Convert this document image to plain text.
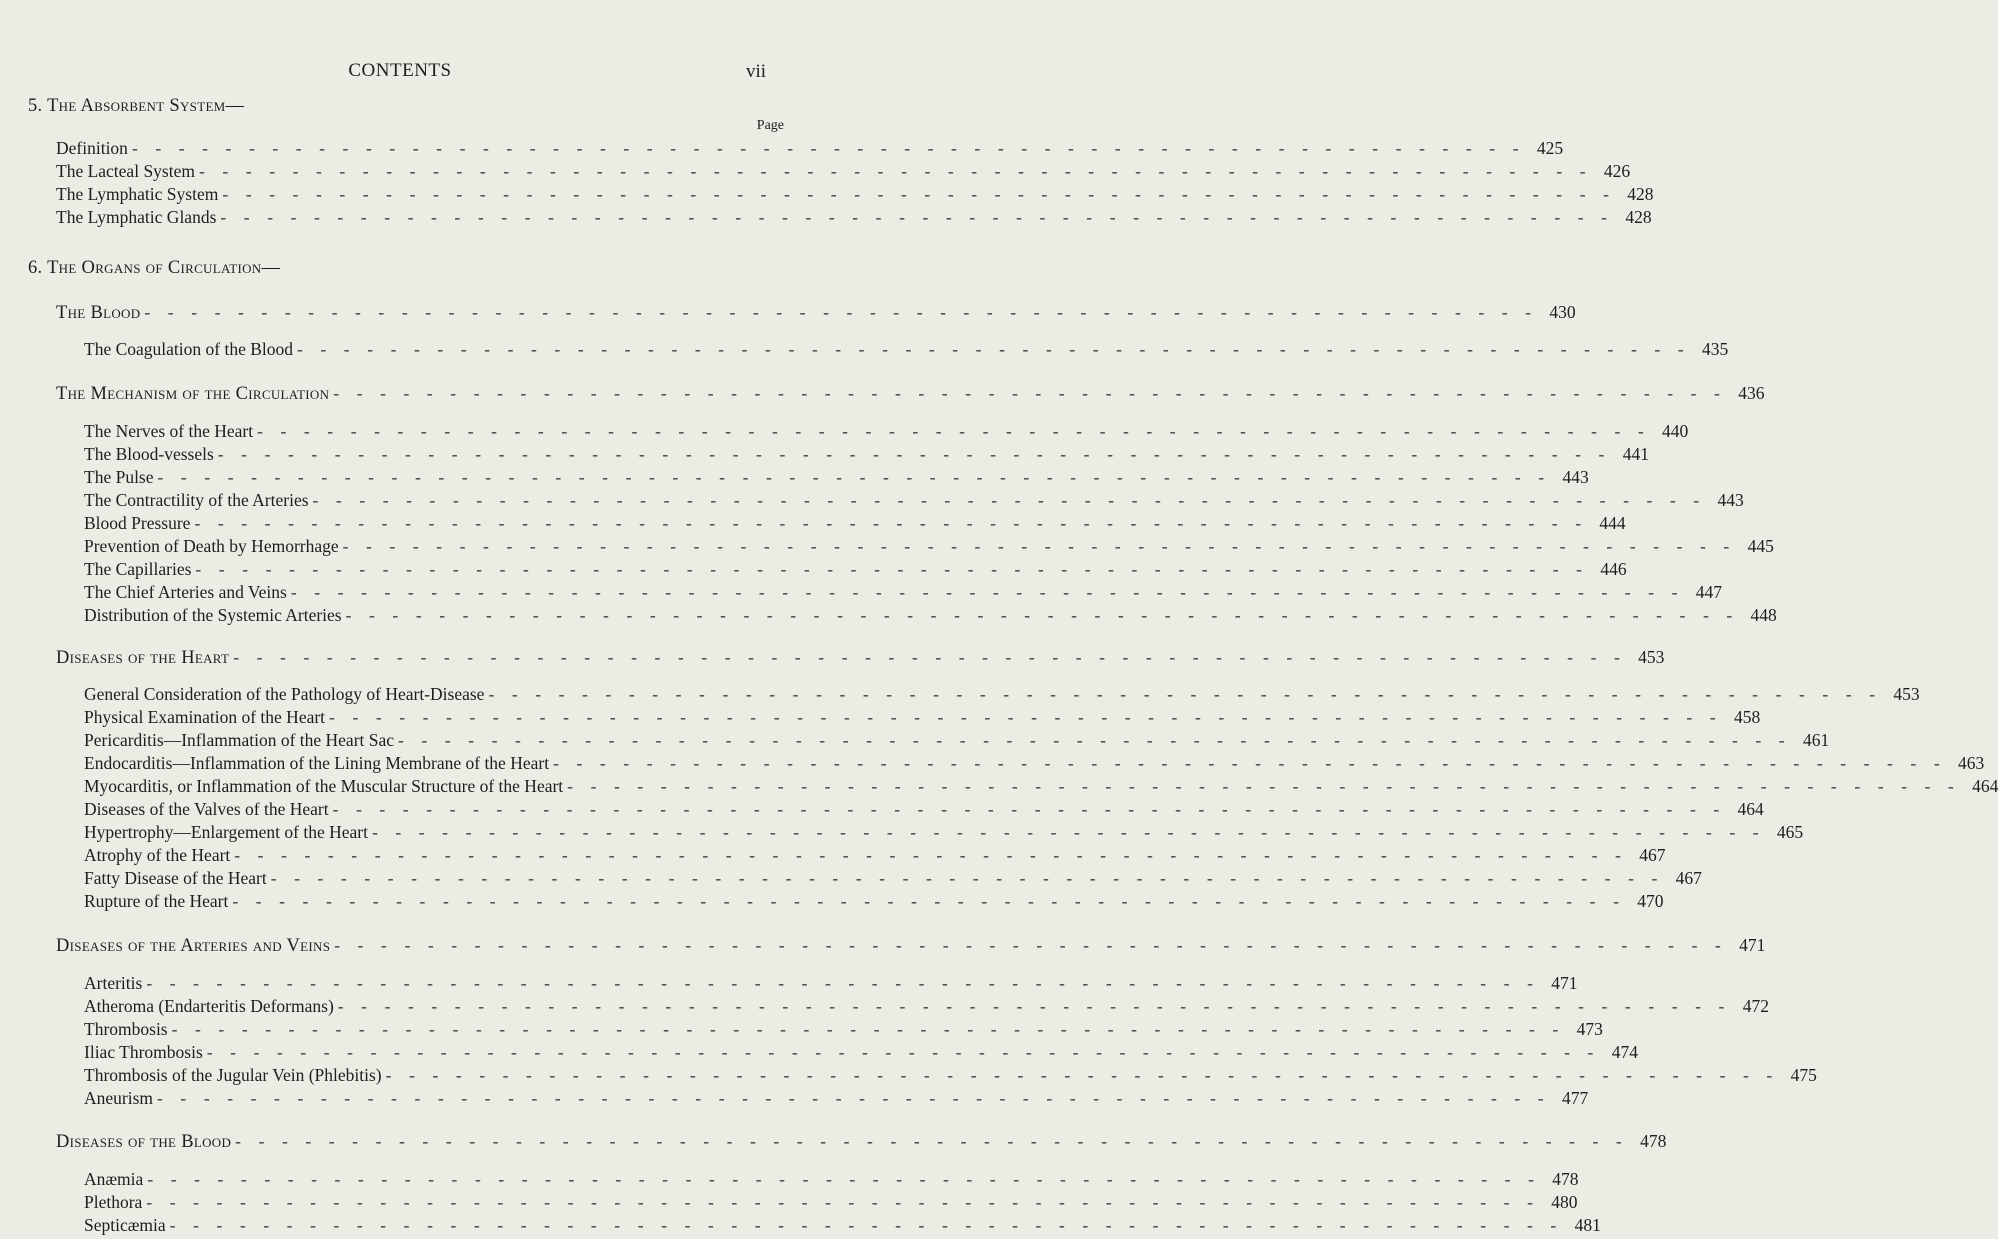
CONTENTS	vii
5. The Absorbent System—
Page
Definition - - - - - - - - - - - - - - - - - - - - - - - - - - - - - - - - - - - - - - - - - - - - - - - - - - - - - - - - - - - - 425
The Lacteal System - - - - - - - - - - - - - - - - - - - - - - - - - - - - - - - - - - - - - - - - - - - - - - - - - - - - - - - - - - - - 426
The Lymphatic System - - - - - - - - - - - - - - - - - - - - - - - - - - - - - - - - - - - - - - - - - - - - - - - - - - - - - - - - - - - - 428
The Lymphatic Glands - - - - - - - - - - - - - - - - - - - - - - - - - - - - - - - - - - - - - - - - - - - - - - - - - - - - - - - - - - - - 428
6. The Organs of Circulation—
The Blood - - - - - - - - - - - - - - - - - - - - - - - - - - - - - - - - - - - - - - - - - - - - - - - - - - - - - - - - - - - - 430
The Coagulation of the Blood - - - - - - - - - - - - - - - - - - - - - - - - - - - - - - - - - - - - - - - - - - - - - - - - - - - - - - - - - - - - 435
The Mechanism of the Circulation - - - - - - - - - - - - - - - - - - - - - - - - - - - - - - - - - - - - - - - - - - - - - - - - - - - - - - - - - - - - 436
The Nerves of the Heart - - - - - - - - - - - - - - - - - - - - - - - - - - - - - - - - - - - - - - - - - - - - - - - - - - - - - - - - - - - - 440
The Blood-vessels - - - - - - - - - - - - - - - - - - - - - - - - - - - - - - - - - - - - - - - - - - - - - - - - - - - - - - - - - - - - 441
The Pulse - - - - - - - - - - - - - - - - - - - - - - - - - - - - - - - - - - - - - - - - - - - - - - - - - - - - - - - - - - - - 443
The Contractility of the Arteries - - - - - - - - - - - - - - - - - - - - - - - - - - - - - - - - - - - - - - - - - - - - - - - - - - - - - - - - - - - - 443
Blood Pressure - - - - - - - - - - - - - - - - - - - - - - - - - - - - - - - - - - - - - - - - - - - - - - - - - - - - - - - - - - - - 444
Prevention of Death by Hemorrhage - - - - - - - - - - - - - - - - - - - - - - - - - - - - - - - - - - - - - - - - - - - - - - - - - - - - - - - - - - - - 445
The Capillaries - - - - - - - - - - - - - - - - - - - - - - - - - - - - - - - - - - - - - - - - - - - - - - - - - - - - - - - - - - - - 446
The Chief Arteries and Veins - - - - - - - - - - - - - - - - - - - - - - - - - - - - - - - - - - - - - - - - - - - - - - - - - - - - - - - - - - - - 447
Distribution of the Systemic Arteries - - - - - - - - - - - - - - - - - - - - - - - - - - - - - - - - - - - - - - - - - - - - - - - - - - - - - - - - - - - - 448
Diseases of the Heart - - - - - - - - - - - - - - - - - - - - - - - - - - - - - - - - - - - - - - - - - - - - - - - - - - - - - - - - - - - - 453
General Consideration of the Pathology of Heart-Disease - - - - - - - - - - - - - - - - - - - - - - - - - - - - - - - - - - - - - - - - - - - - - - - - - - - - - - - - - - - - 453
Physical Examination of the Heart - - - - - - - - - - - - - - - - - - - - - - - - - - - - - - - - - - - - - - - - - - - - - - - - - - - - - - - - - - - - 458
Pericarditis—Inflammation of the Heart Sac - - - - - - - - - - - - - - - - - - - - - - - - - - - - - - - - - - - - - - - - - - - - - - - - - - - - - - - - - - - - 461
Endocarditis—Inflammation of the Lining Membrane of the Heart - - - - - - - - - - - - - - - - - - - - - - - - - - - - - - - - - - - - - - - - - - - - - - - - - - - - - - - - - - - - 463
Myocarditis, or Inflammation of the Muscular Structure of the Heart - - - - - - - - - - - - - - - - - - - - - - - - - - - - - - - - - - - - - - - - - - - - - - - - - - - - - - - - - - - - 464
Diseases of the Valves of the Heart - - - - - - - - - - - - - - - - - - - - - - - - - - - - - - - - - - - - - - - - - - - - - - - - - - - - - - - - - - - - 464
Hypertrophy—Enlargement of the Heart - - - - - - - - - - - - - - - - - - - - - - - - - - - - - - - - - - - - - - - - - - - - - - - - - - - - - - - - - - - - 465
Atrophy of the Heart - - - - - - - - - - - - - - - - - - - - - - - - - - - - - - - - - - - - - - - - - - - - - - - - - - - - - - - - - - - - 467
Fatty Disease of the Heart - - - - - - - - - - - - - - - - - - - - - - - - - - - - - - - - - - - - - - - - - - - - - - - - - - - - - - - - - - - - 467
Rupture of the Heart - - - - - - - - - - - - - - - - - - - - - - - - - - - - - - - - - - - - - - - - - - - - - - - - - - - - - - - - - - - - 470
Diseases of the Arteries and Veins - - - - - - - - - - - - - - - - - - - - - - - - - - - - - - - - - - - - - - - - - - - - - - - - - - - - - - - - - - - - 471
Arteritis - - - - - - - - - - - - - - - - - - - - - - - - - - - - - - - - - - - - - - - - - - - - - - - - - - - - - - - - - - - - 471
Atheroma (Endarteritis Deformans) - - - - - - - - - - - - - - - - - - - - - - - - - - - - - - - - - - - - - - - - - - - - - - - - - - - - - - - - - - - - 472
Thrombosis - - - - - - - - - - - - - - - - - - - - - - - - - - - - - - - - - - - - - - - - - - - - - - - - - - - - - - - - - - - - 473
Iliac Thrombosis - - - - - - - - - - - - - - - - - - - - - - - - - - - - - - - - - - - - - - - - - - - - - - - - - - - - - - - - - - - - 474
Thrombosis of the Jugular Vein (Phlebitis) - - - - - - - - - - - - - - - - - - - - - - - - - - - - - - - - - - - - - - - - - - - - - - - - - - - - - - - - - - - - 475
Aneurism - - - - - - - - - - - - - - - - - - - - - - - - - - - - - - - - - - - - - - - - - - - - - - - - - - - - - - - - - - - - 477
Diseases of the Blood - - - - - - - - - - - - - - - - - - - - - - - - - - - - - - - - - - - - - - - - - - - - - - - - - - - - - - - - - - - - 478
Anæmia - - - - - - - - - - - - - - - - - - - - - - - - - - - - - - - - - - - - - - - - - - - - - - - - - - - - - - - - - - - - 478
Plethora - - - - - - - - - - - - - - - - - - - - - - - - - - - - - - - - - - - - - - - - - - - - - - - - - - - - - - - - - - - - 480
Septicæmia - - - - - - - - - - - - - - - - - - - - - - - - - - - - - - - - - - - - - - - - - - - - - - - - - - - - - - - - - - - - 481
